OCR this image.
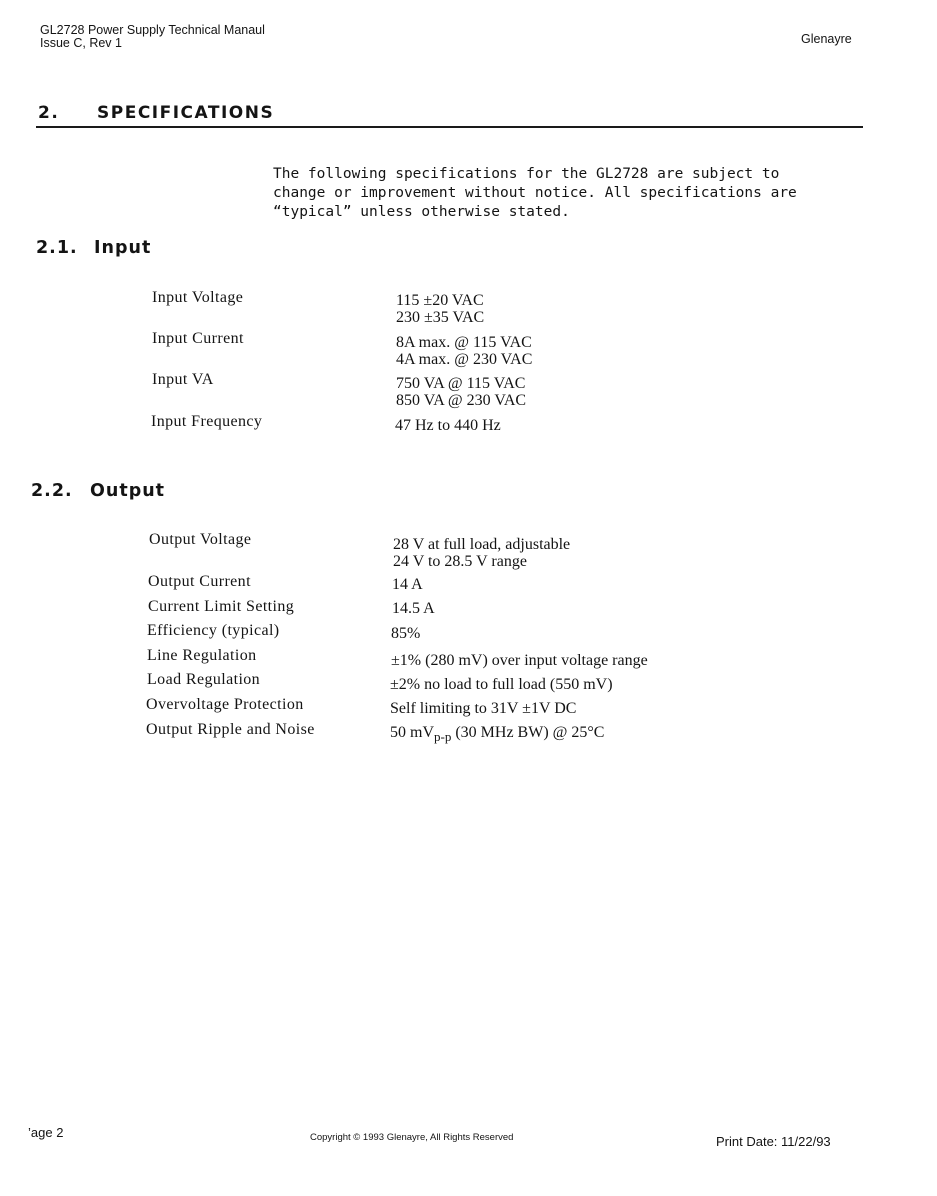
GL2728 Power Supply Technical Manaul
Issue C, Rev 1	Glenayre
2. SPECIFICATIONS
The following specifications for the GL2728 are subject to change or improvement without notice. All specifications are “typical” unless otherwise stated.
2.1. Input
Input Voltage	115 ±20 VAC
230 ±35 VAC
Input Current	8A max. @ 115 VAC
4A max. @ 230 VAC
Input VA	750 VA @ 115 VAC
850 VA @ 230 VAC
Input Frequency	47 Hz to 440 Hz
2.2. Output
Output Voltage	28 V at full load, adjustable
24 V to 28.5 V range
Output Current	14 A
Current Limit Setting	14.5 A
Efficiency (typical)	85%
Line Regulation	±1% (280 mV) over input voltage range
Load Regulation	±2% no load to full load (550 mV)
Overvoltage Protection	Self limiting to 31V ±1V DC
Output Ripple and Noise	50 $mV_{p-p}$ (30 MHz BW) @ 25°C
’age 2	Copyright © 1993 Glenayre, All Rights Reserved	Print Date: 11/22/93
